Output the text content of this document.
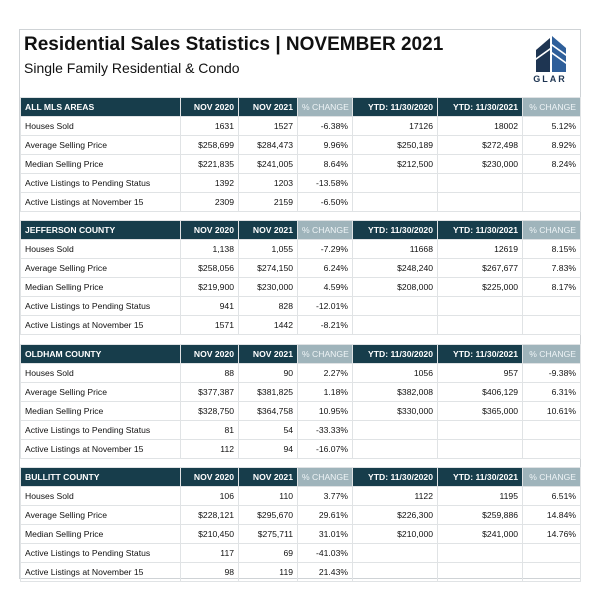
Residential Sales Statistics | NOVEMBER 2021
Single Family Residential & Condo
GLAR
ALL MLS AREAS	NOV 2020	NOV 2021	% CHANGE	YTD: 11/30/2020	YTD: 11/30/2021	% CHANGE
Houses Sold	1631	1527	-6.38%	17126	18002	5.12%
Average Selling Price	$258,699	$284,473	9.96%	$250,189	$272,498	8.92%
Median Selling Price	$221,835	$241,005	8.64%	$212,500	$230,000	8.24%
Active Listings to Pending Status	1392	1203	-13.58%			
Active Listings at November 15	2309	2159	-6.50%			
JEFFERSON COUNTY	NOV 2020	NOV 2021	% CHANGE	YTD: 11/30/2020	YTD: 11/30/2021	% CHANGE
Houses Sold	1,138	1,055	-7.29%	11668	12619	8.15%
Average Selling Price	$258,056	$274,150	6.24%	$248,240	$267,677	7.83%
Median Selling Price	$219,900	$230,000	4.59%	$208,000	$225,000	8.17%
Active Listings to Pending Status	941	828	-12.01%			
Active Listings at November 15	1571	1442	-8.21%			
OLDHAM COUNTY	NOV 2020	NOV 2021	% CHANGE	YTD: 11/30/2020	YTD: 11/30/2021	% CHANGE
Houses Sold	88	90	2.27%	1056	957	-9.38%
Average Selling Price	$377,387	$381,825	1.18%	$382,008	$406,129	6.31%
Median Selling Price	$328,750	$364,758	10.95%	$330,000	$365,000	10.61%
Active Listings to Pending Status	81	54	-33.33%			
Active Listings at November 15	112	94	-16.07%			
BULLITT COUNTY	NOV 2020	NOV 2021	% CHANGE	YTD: 11/30/2020	YTD: 11/30/2021	% CHANGE
Houses Sold	106	110	3.77%	1122	1195	6.51%
Average Selling Price	$228,121	$295,670	29.61%	$226,300	$259,886	14.84%
Median Selling Price	$210,450	$275,711	31.01%	$210,000	$241,000	14.76%
Active Listings to Pending Status	117	69	-41.03%			
Active Listings at November 15	98	119	21.43%			
